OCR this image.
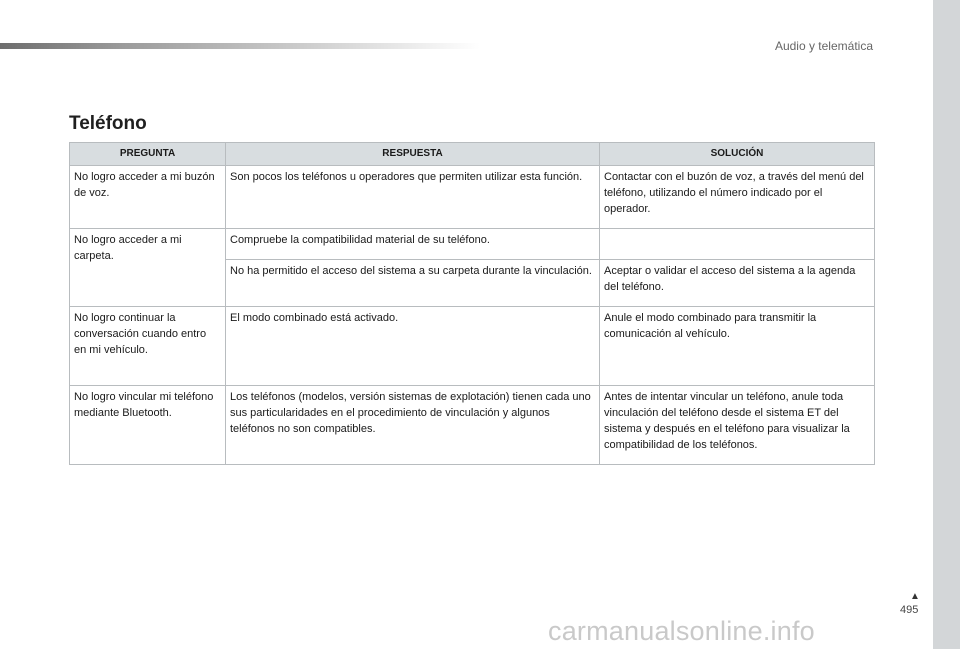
Audio y telemática
Teléfono
PREGUNTA	RESPUESTA	SOLUCIÓN
No logro acceder a mi buzón de voz.	Son pocos los teléfonos u operadores que permiten utilizar esta función.	Contactar con el buzón de voz, a través del menú del teléfono, utilizando el número indicado por el operador.
No logro acceder a mi carpeta.	Compruebe la compatibilidad material de su teléfono.	
	No ha permitido el acceso del sistema a su carpeta durante la vinculación.	Aceptar o validar el acceso del sistema a la agenda del teléfono.
No logro continuar la conversación cuando entro en mi vehículo.	El modo combinado está activado.	Anule el modo combinado para transmitir la comunicación al vehículo.
No logro vincular mi teléfono mediante Bluetooth.	Los teléfonos (modelos, versión sistemas de explotación) tienen cada uno sus particularidades en el procedimiento de vinculación y algunos teléfonos no son compatibles.	Antes de intentar vincular un teléfono, anule toda vinculación del teléfono desde el sistema ET del sistema y después en el teléfono para visualizar la compatibilidad de los teléfonos.
▲
495
carmanualsonline.info
